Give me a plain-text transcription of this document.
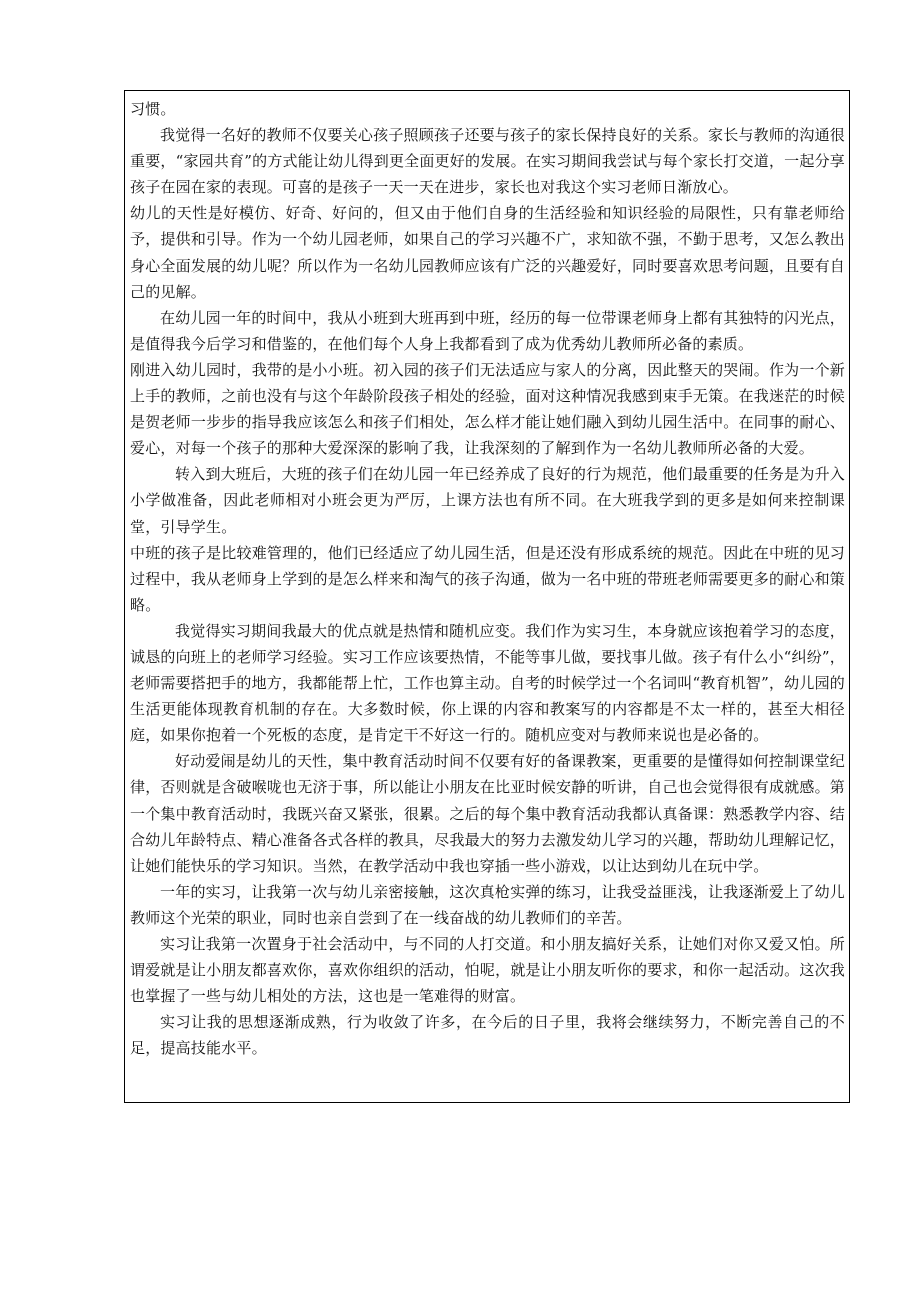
习惯。

我觉得一名好的教师不仅要关心孩子照顾孩子还要与孩子的家长保持良好的关系。家长与教师的沟通很重要，“家园共育”的方式能让幼儿得到更全面更好的发展。在实习期间我尝试与每个家长打交道，一起分享孩子在园在家的表现。可喜的是孩子一天一天在进步，家长也对我这个实习老师日渐放心。

幼儿的天性是好模仿、好奇、好问的，但又由于他们自身的生活经验和知识经验的局限性，只有靠老师给予，提供和引导。作为一个幼儿园老师，如果自己的学习兴趣不广，求知欲不强，不勤于思考，又怎么教出身心全面发展的幼儿呢？所以作为一名幼儿园教师应该有广泛的兴趣爱好，同时要喜欢思考问题，且要有自己的见解。

在幼儿园一年的时间中，我从小班到大班再到中班，经历的每一位带课老师身上都有其独特的闪光点，是值得我今后学习和借鉴的，在他们每个人身上我都看到了成为优秀幼儿教师所必备的素质。

刚进入幼儿园时，我带的是小小班。初入园的孩子们无法适应与家人的分离，因此整天的哭闹。作为一个新上手的教师，之前也没有与这个年龄阶段孩子相处的经验，面对这种情况我感到束手无策。在我迷茫的时候是贺老师一步步的指导我应该怎么和孩子们相处，怎么样才能让她们融入到幼儿园生活中。在同事的耐心、爱心，对每一个孩子的那种大爱深深的影响了我，让我深刻的了解到作为一名幼儿教师所必备的大爱。

转入到大班后，大班的孩子们在幼儿园一年已经养成了良好的行为规范，他们最重要的任务是为升入小学做准备，因此老师相对小班会更为严厉，上课方法也有所不同。在大班我学到的更多是如何来控制课堂，引导学生。

中班的孩子是比较难管理的，他们已经适应了幼儿园生活，但是还没有形成系统的规范。因此在中班的见习过程中，我从老师身上学到的是怎么样来和淘气的孩子沟通，做为一名中班的带班老师需要更多的耐心和策略。

我觉得实习期间我最大的优点就是热情和随机应变。我们作为实习生，本身就应该抱着学习的态度，诚恳的向班上的老师学习经验。实习工作应该要热情，不能等事儿做，要找事儿做。孩子有什么小“纠纷”，老师需要搭把手的地方，我都能帮上忙，工作也算主动。自考的时候学过一个名词叫“教育机智”，幼儿园的生活更能体现教育机制的存在。大多数时候，你上课的内容和教案写的内容都是不太一样的，甚至大相径庭，如果你抱着一个死板的态度，是肯定干不好这一行的。随机应变对与教师来说也是必备的。

好动爱闹是幼儿的天性，集中教育活动时间不仅要有好的备课教案，更重要的是懂得如何控制课堂纪律，否则就是含破喉咙也无济于事，所以能让小朋友在比亚时候安静的听讲，自己也会觉得很有成就感。第一个集中教育活动时，我既兴奋又紧张，很累。之后的每个集中教育活动我都认真备课：熟悉教学内容、结合幼儿年龄特点、精心准备各式各样的教具，尽我最大的努力去激发幼儿学习的兴趣，帮助幼儿理解记忆，让她们能快乐的学习知识。当然，在教学活动中我也穿插一些小游戏，以让达到幼儿在玩中学。

一年的实习，让我第一次与幼儿亲密接触，这次真枪实弹的练习，让我受益匪浅，让我逐渐爱上了幼儿教师这个光荣的职业，同时也亲自尝到了在一线奋战的幼儿教师们的辛苦。

实习让我第一次置身于社会活动中，与不同的人打交道。和小朋友搞好关系，让她们对你又爱又怕。所谓爱就是让小朋友都喜欢你，喜欢你组织的活动，怕呢，就是让小朋友听你的要求，和你一起活动。这次我也掌握了一些与幼儿相处的方法，这也是一笔难得的财富。

实习让我的思想逐渐成熟，行为收敛了许多，在今后的日子里，我将会继续努力，不断完善自己的不足，提高技能水平。
